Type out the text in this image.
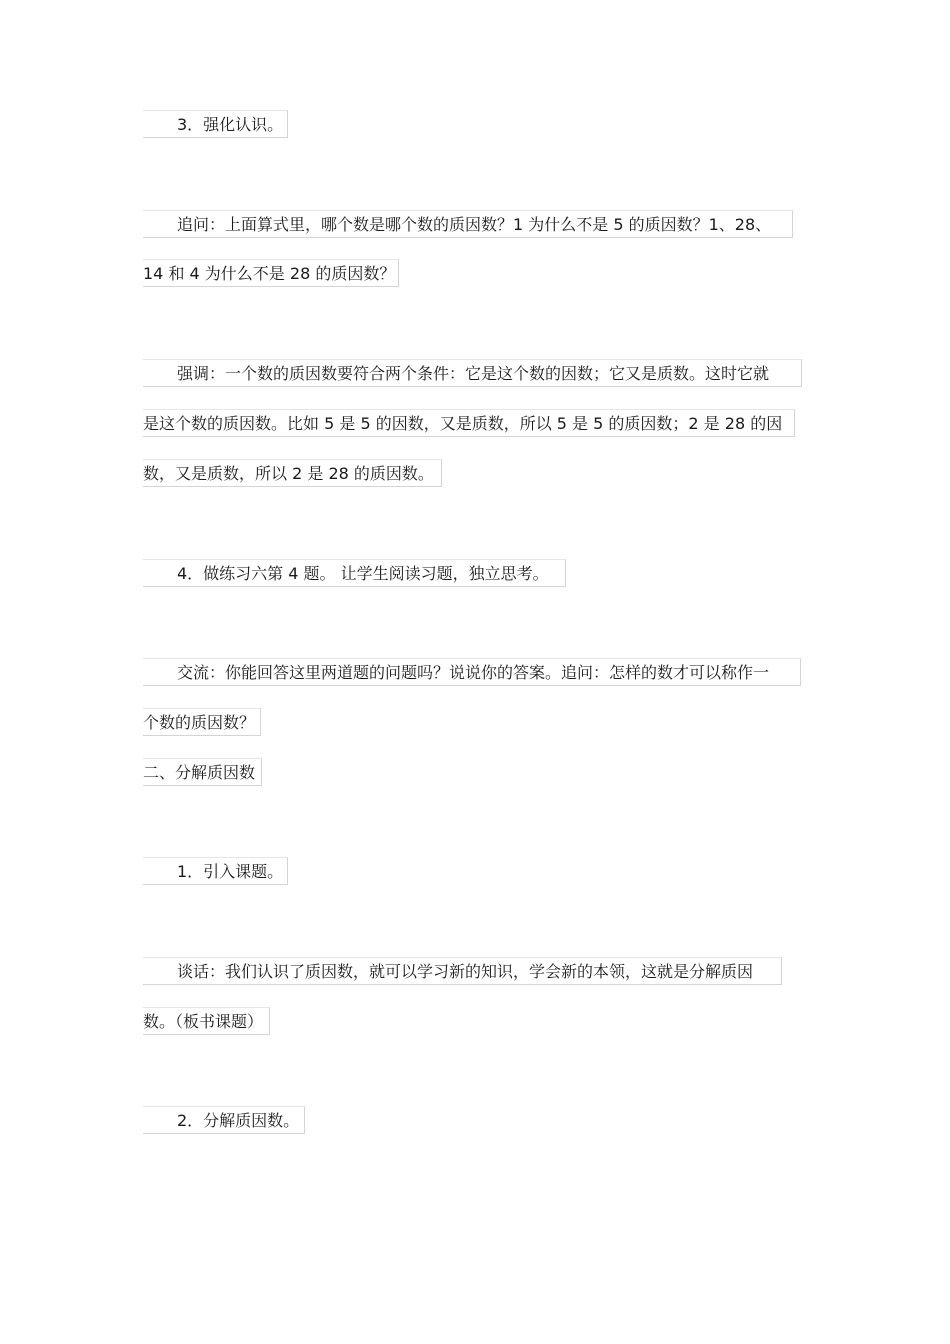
3．强化认识。
追问：上面算式里，哪个数是哪个数的质因数？1 为什么不是 5 的质因数？1、28、
14 和 4 为什么不是 28 的质因数？
强调：一个数的质因数要符合两个条件：它是这个数的因数；它又是质数。这时它就
是这个数的质因数。比如 5 是 5 的因数，又是质数，所以 5 是 5 的质因数；2 是 28 的因
数，又是质数，所以 2 是 28 的质因数。
4．做练习六第 4 题。 让学生阅读习题，独立思考。
交流：你能回答这里两道题的问题吗？说说你的答案。追问：怎样的数才可以称作一
个数的质因数？
二、分解质因数
1．引入课题。
谈话：我们认识了质因数，就可以学习新的知识，学会新的本领，这就是分解质因
数。（板书课题）
2．分解质因数。
